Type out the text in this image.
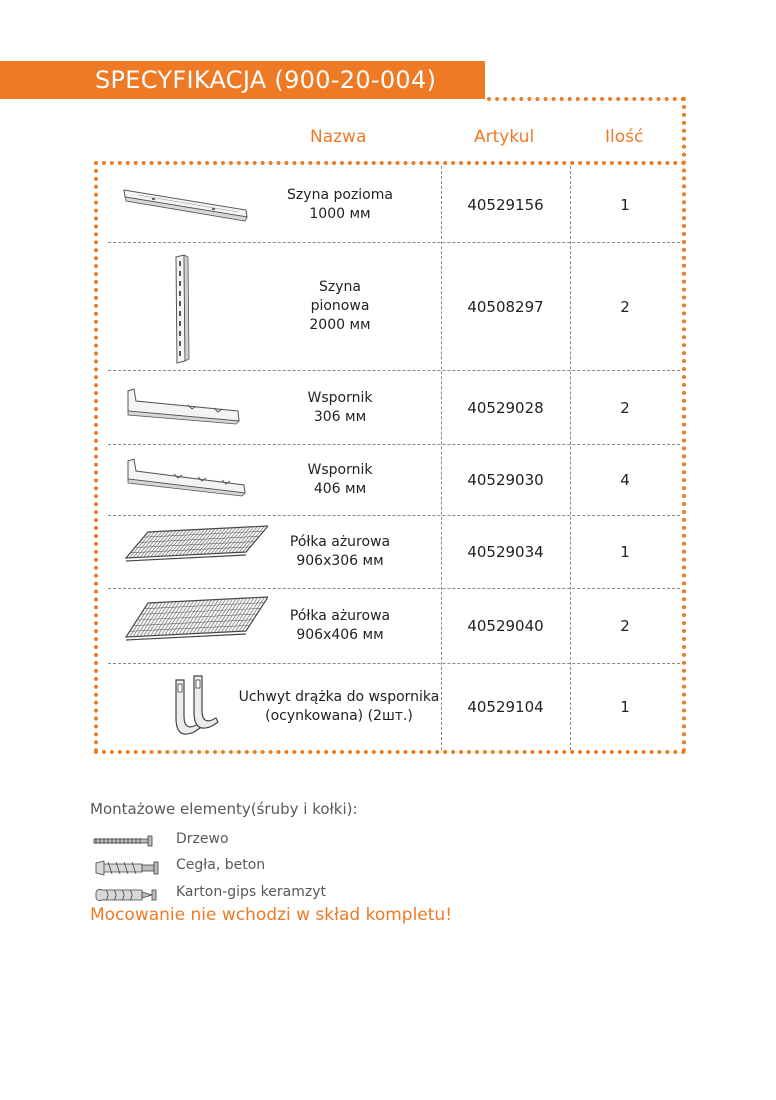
SPECYFIKACJA (900-20-004)
Nazwa	Artykul	Ilość
Szyna pozioma
1000 мм	40529156	1
Szyna
pionowa
2000 мм
40508297	2
Wspornik
306 мм	40529028	2
Wspornik
406 мм	40529030	4
Półka ażurowa
906x306 мм	40529034	1
Półka ażurowa
906x406 мм	40529040	2
Uchwyt drążka do wspornika
(ocynkowana) (2шт.)	40529104	1
Montażowe elementy(śruby i kołki):
Drzewo
Cegła, beton
Karton-gips keramzyt
Mocowanie nie wchodzi w skład kompletu!
